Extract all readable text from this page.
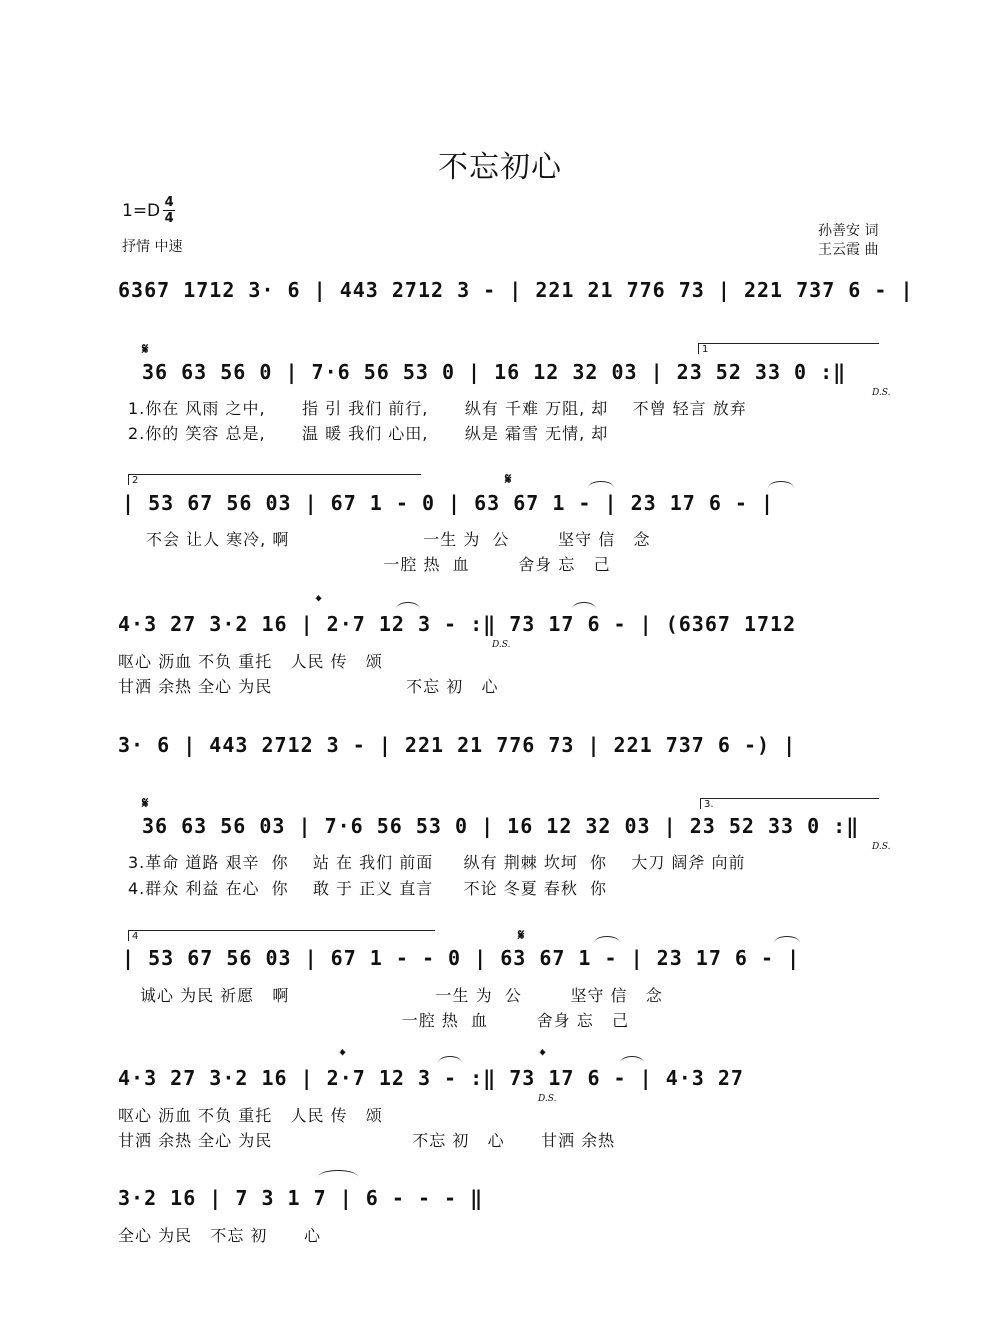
不忘初心
$1=D \frac{4}{4}$
抒情 中速
孙善安 词
王云霞 曲
6367 1712 3· 6 | 443 2712 3 - | 221 21 776 73 | 221 737 6 - |
𝄋	1
36 63 56 0 | 7·6 56 53 0 | 16 12 32 03 | 23 52 33 0 :‖
D.S.
1.你在 风雨 之中,      指 引 我们 前行,      纵有 千难 万阻, 却    不曾 轻言 放弃
2.你的 笑容 总是,      温 暖 我们 心田,      纵是 霜雪 无情, 却
2	𝄋
| 53 67 56 03 | 67 1 - 0 | 63 67 1 - | 23 17 6 - |
不会 让人 寒冷, 啊                      一生 为  公        坚守 信   念
一腔 热  血        舍身 忘   己
𝄌
4·3 27 3·2 16 | 2·7 12 3 - :‖ 73 17 6 - | (6367 1712
D.S.
呕心 沥血 不负 重托   人民 传   颂
甘洒 余热 全心 为民                      不忘 初   心
3· 6 | 443 2712 3 - | 221 21 776 73 | 221 737 6 -) |
𝄋	3.
36 63 56 03 | 7·6 56 53 0 | 16 12 32 03 | 23 52 33 0 :‖
D.S.
3.革命 道路 艰辛  你    站 在 我们 前面     纵有 荆棘 坎坷  你    大刀 阔斧 向前
4.群众 利益 在心  你    敢 于 正义 直言     不论 冬夏 春秋  你
4	𝄋
| 53 67 56 03 | 67 1 - - 0 | 63 67 1 - | 23 17 6 - |
诚心 为民 祈愿   啊                        一生 为  公        坚守 信   念
一腔 热  血        舍身 忘   己
𝄌	𝄌
4·3 27 3·2 16 | 2·7 12 3 - :‖ 73 17 6 - | 4·3 27
D.S.
呕心 沥血 不负 重托   人民 传   颂
甘洒 余热 全心 为民                       不忘 初   心      甘洒 余热
3·2 16 | 7 3 1 7 | 6 - - - ‖
全心 为民   不忘 初      心
